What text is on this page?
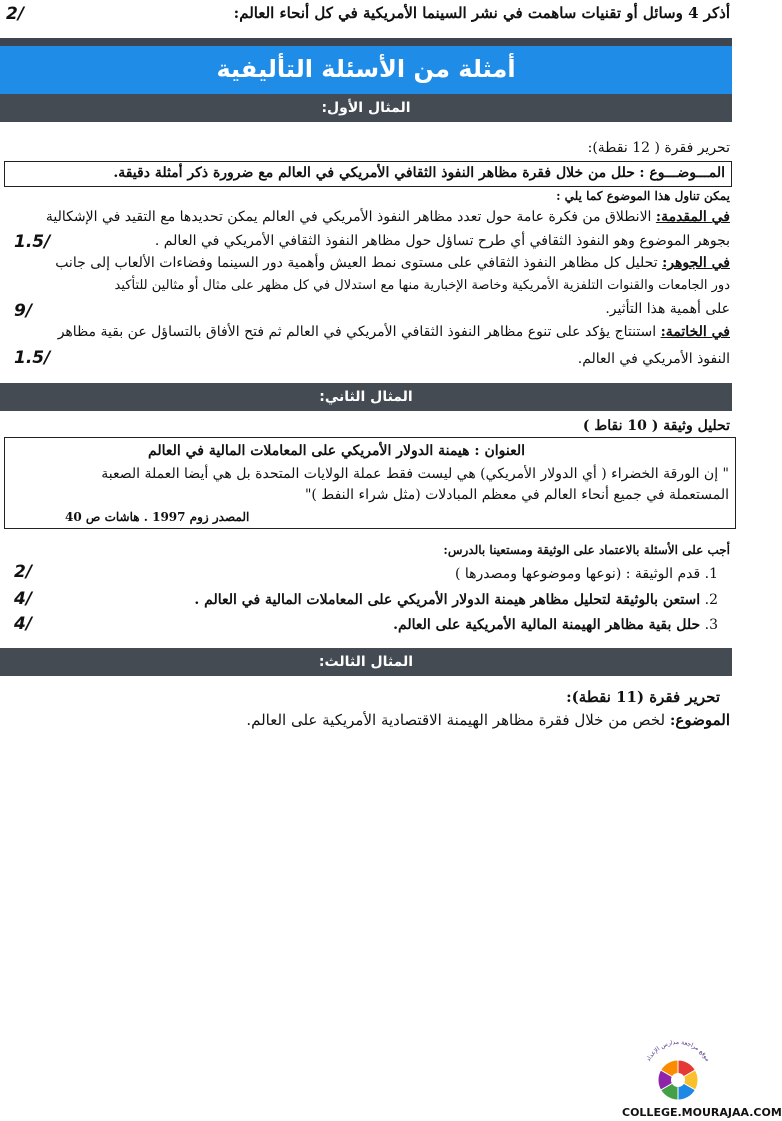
أذكر 4 وسائل أو تقنيات ساهمت في نشر السينما الأمريكية في كل أنحاء العالم:
2/
أمثلة من الأسئلة التأليفية
المثال الأول:
تحرير فقرة ( 12 نقطة):
المـــوضـــوع : حلل من خلال فقرة مظاهر النفوذ الثقافي الأمريكي في العالم مع ضرورة ذكر أمثلة دقيقة.
يمكن تناول هذا الموضوع كما يلي :
في المقدمة: الانطلاق من فكرة عامة حول تعدد مظاهر النفوذ الأمريكي في العالم يمكن تحديدها مع التقيد في الإشكالية
بجوهر الموضوع وهو النفوذ الثقافي أي طرح تساؤل حول مظاهر النفوذ الثقافي الأمريكي في العالم .
1.5/
في الجوهر: تحليل كل مظاهر النفوذ الثقافي على مستوى نمط العيش وأهمية دور السينما وفضاءات الألعاب إلى جانب
دور الجامعات والقنوات التلفزية الأمريكية وخاصة الإخبارية منها مع استدلال في كل مظهر على مثال أو مثالين للتأكيد
9/	على أهمية هذا التأثير.
في الخاتمة: استنتاج يؤكد على تنوع مظاهر النفوذ الثقافي الأمريكي في العالم ثم فتح الأفاق بالتساؤل عن بقية مظاهر
النفوذ الأمريكي في العالم.
1.5/
المثال الثاني:
تحليل وثيقة ( 10 نقاط )
العنوان : هيمنة الدولار الأمريكي على المعاملات المالية في العالم
" إن الورقة الخضراء ( أي الدولار الأمريكي) هي ليست فقط عملة الولايات المتحدة بل هي أيضا العملة الصعبة
المستعملة في جميع أنحاء العالم في معظم المبادلات (مثل شراء النفط )"
المصدر زوم 1997 . هاشات ص 40
أجب على الأسئلة بالاعتماد على الوثيقة ومستعينا بالدرس:
1. قدم الوثيقة : (نوعها وموضوعها ومصدرها )
2/
2. استعن بالوثيقة لتحليل مظاهر هيمنة الدولار الأمريكي على المعاملات المالية في العالم .
4/
3. حلل بقية مظاهر الهيمنة المالية الأمريكية على العالم.
4/
المثال الثالث:
تحرير فقرة (11 نقطة):
الموضوع: لخص من خلال فقرة مظاهر الهيمنة الاقتصادية الأمريكية على العالم.
موقع مراجعة مدارس الإعداد
COLLEGE.MOURAJAA.COM
